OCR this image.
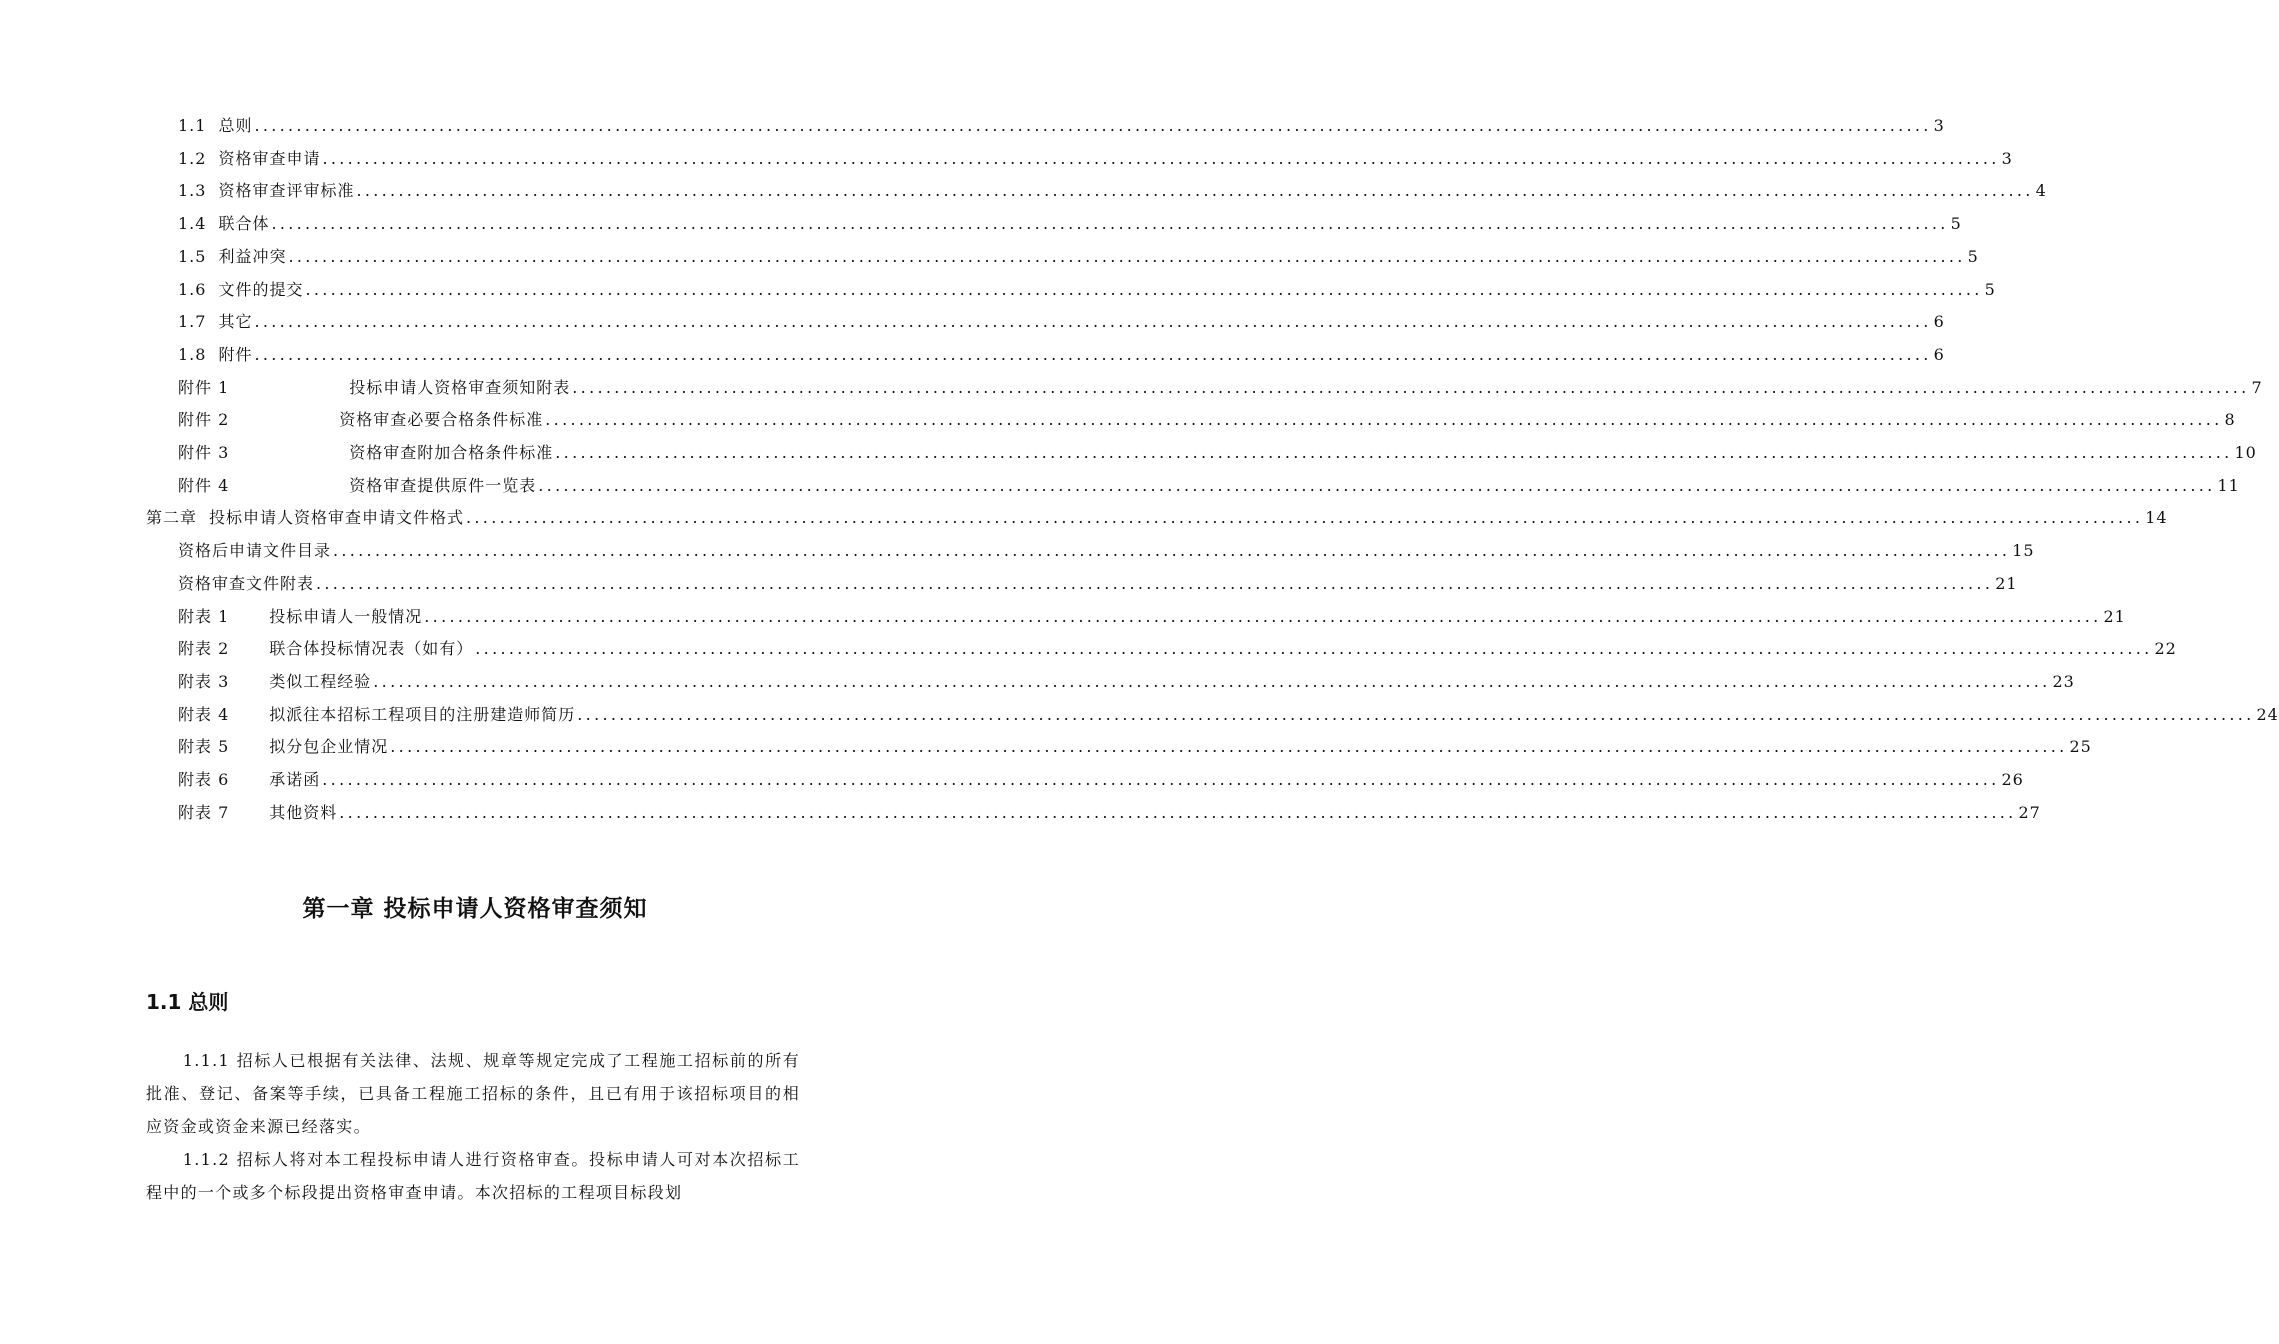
1.1 总则 ........................................................................................................................................................................................................ 3
1.2 资格审查申请 ........................................................................................................................................................................................................ 3
1.3 资格审查评审标准 ........................................................................................................................................................................................................ 4
1.4 联合体 ........................................................................................................................................................................................................ 5
1.5 利益冲突 ........................................................................................................................................................................................................ 5
1.6 文件的提交 ........................................................................................................................................................................................................ 5
1.7 其它 ........................................................................................................................................................................................................ 6
1.8 附件 ........................................................................................................................................................................................................ 6
附件 1	投标申请人资格审查须知附表 ........................................................................................................................................................................................................ 7
附件 2	资格审查必要合格条件标准 ........................................................................................................................................................................................................ 8
附件 3	资格审查附加合格条件标准 ........................................................................................................................................................................................................ 10
附件 4	资格审查提供原件一览表 ........................................................................................................................................................................................................ 11
第二章 投标申请人资格审查申请文件格式 ........................................................................................................................................................................................................ 14
资格后申请文件目录 ........................................................................................................................................................................................................ 15
资格审查文件附表 ........................................................................................................................................................................................................ 21
附表 1	投标申请人一般情况 ........................................................................................................................................................................................................ 21
附表 2	联合体投标情况表（如有） ........................................................................................................................................................................................................ 22
附表 3	类似工程经验 ........................................................................................................................................................................................................ 23
附表 4	拟派往本招标工程项目的注册建造师简历 ........................................................................................................................................................................................................ 24
附表 5	拟分包企业情况 ........................................................................................................................................................................................................ 25
附表 6	承诺函 ........................................................................................................................................................................................................ 26
附表 7	其他资料 ........................................................................................................................................................................................................ 27
第一章 投标申请人资格审查须知
1.1 总则
1.1.1 招标人已根据有关法律、法规、规章等规定完成了工程施工招标前的所有批准、登记、备案等手续，已具备工程施工招标的条件，且已有用于该招标项目的相应资金或资金来源已经落实。
1.1.2 招标人将对本工程投标申请人进行资格审查。投标申请人可对本次招标工程中的一个或多个标段提出资格审查申请。本次招标的工程项目标段划
